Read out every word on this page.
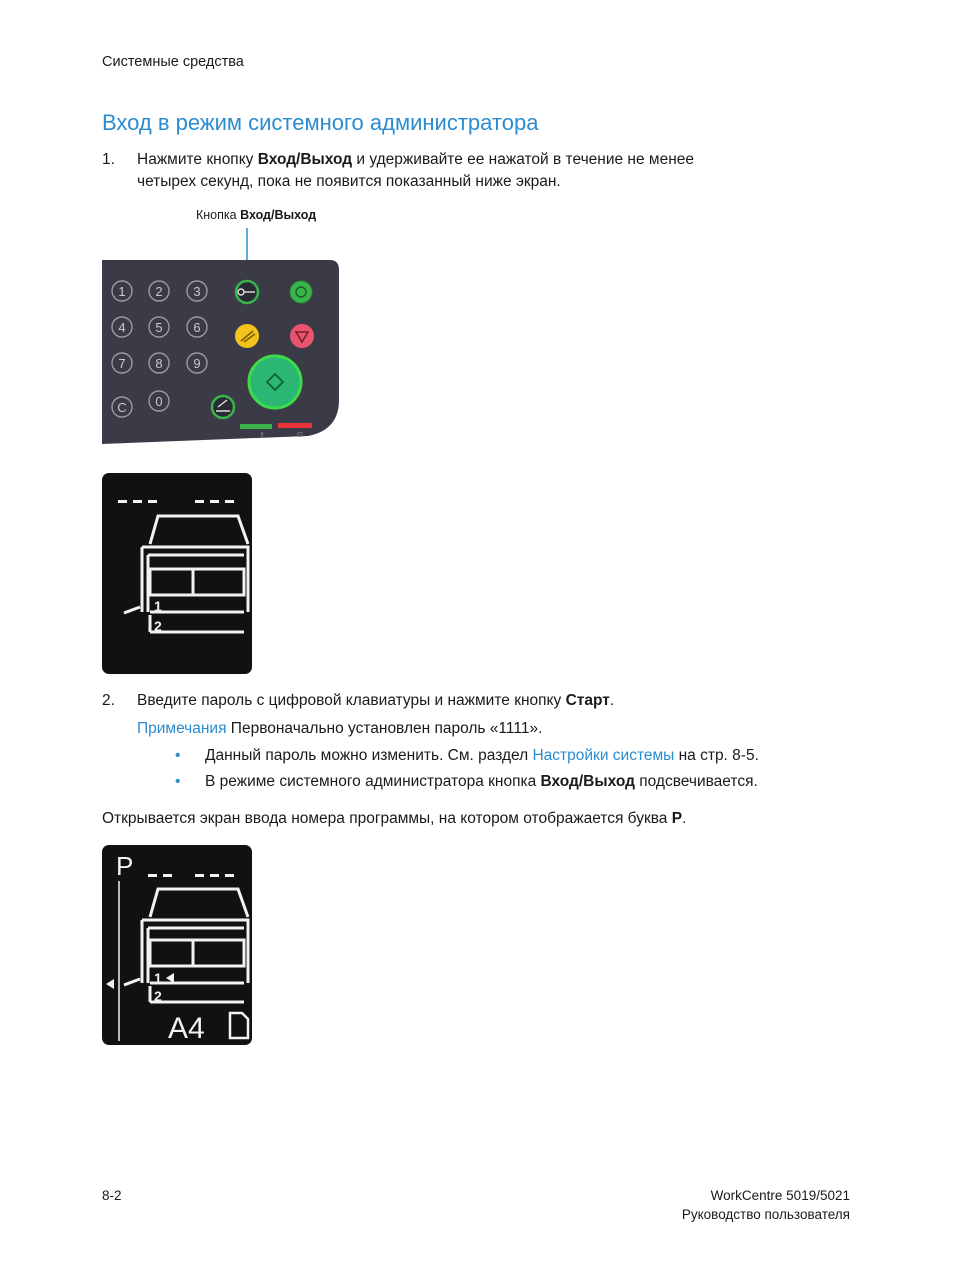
Системные средства
Вход в режим системного администратора
1. Нажмите кнопку Вход/Выход и удерживайте ее нажатой в течение не менее
четырех секунд, пока не появится показанный ниже экран.
Кнопка Вход/Выход
1 2 3
4 5 6
7 8 9
C 0
⇪	⊡
1
2
2. Введите пароль с цифровой клавиатуры и нажмите кнопку Старт.
Примечания Первоначально установлен пароль «1111».
• Данный пароль можно изменить. См. раздел Настройки системы на стр. 8-5.
• В режиме системного администратора кнопка Вход/Выход подсвечивается.
Открывается экран ввода номера программы, на котором отображается буква P.
P
1
2
A4
8-2	WorkCentre 5019/5021
Руководство пользователя
